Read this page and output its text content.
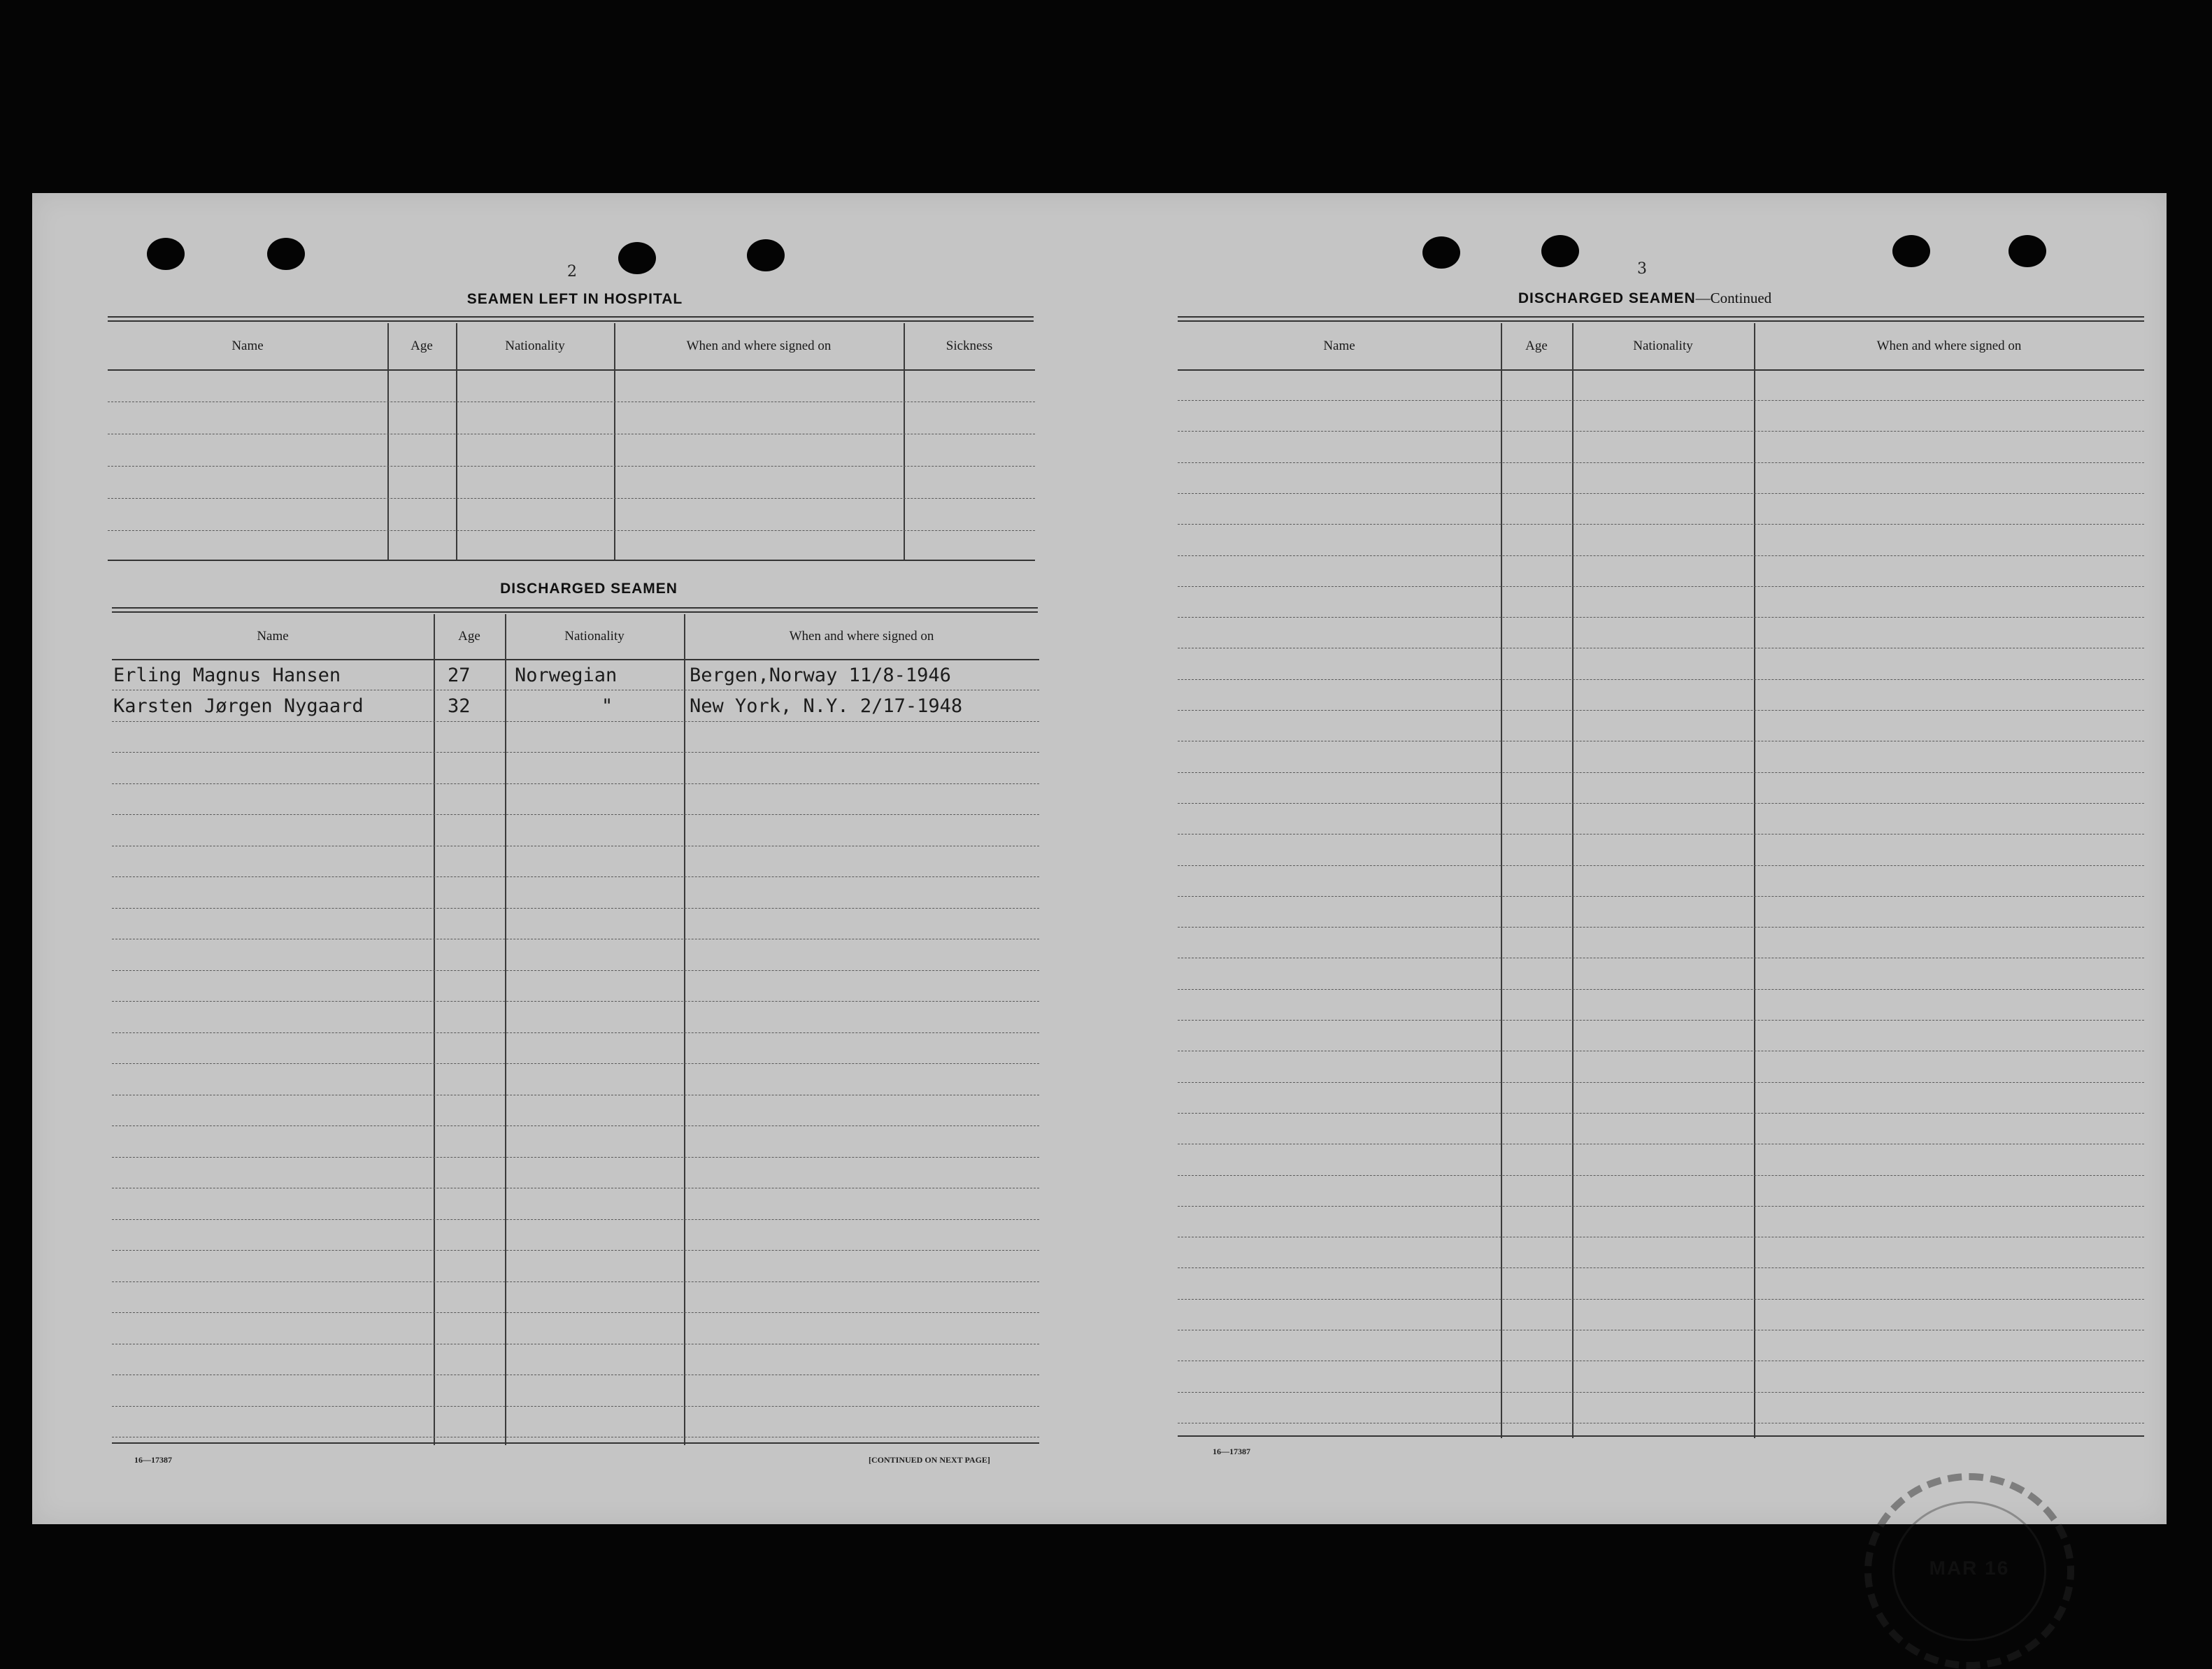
2
SEAMEN LEFT IN HOSPITAL
Name	Age	Nationality	When and where signed on	Sickness
DISCHARGED SEAMEN
Name	Age	Nationality	When and where signed on
Erling Magnus Hansen	27 Norwegian	Bergen,Norway 11/8-1946
Karsten Jørgen Nygaard	32	"	New York, N.Y. 2/17-1948
16—17387	[CONTINUED ON NEXT PAGE]
3
DISCHARGED SEAMEN—Continued
Name	Age	Nationality	When and where signed on
16—17387
MAR 16
